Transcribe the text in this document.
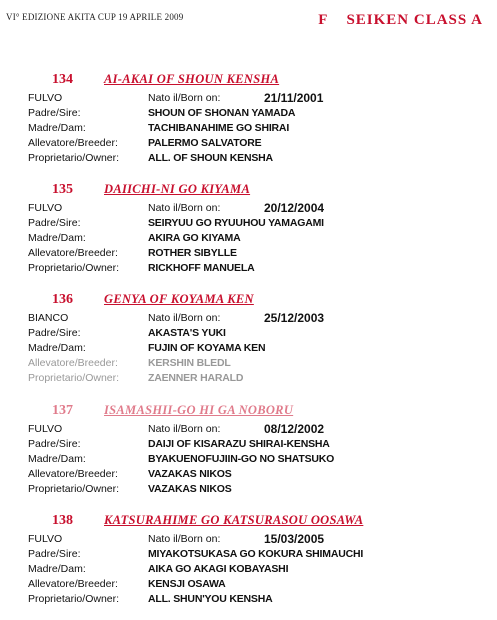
VI° EDIZIONE AKITA CUP 19 APRILE 2009	F SEIKEN CLASS A
134 AI-AKAI OF SHOUN KENSHA
FULVO	Nato il/Born on:	21/11/2001
Padre/Sire:	SHOUN OF SHONAN YAMADA
Madre/Dam:	TACHIBANAHIME GO SHIRAI
Allevatore/Breeder:	PALERMO SALVATORE
Proprietario/Owner:	ALL. OF SHOUN KENSHA
135 DAIICHI-NI GO KIYAMA
FULVO	Nato il/Born on:	20/12/2004
Padre/Sire:	SEIRYUU GO RYUUHOU YAMAGAMI
Madre/Dam:	AKIRA GO KIYAMA
Allevatore/Breeder:	ROTHER SIBYLLE
Proprietario/Owner:	RICKHOFF MANUELA
136 GENYA OF KOYAMA KEN
BIANCO	Nato il/Born on:	25/12/2003
Padre/Sire:	AKASTA'S YUKI
Madre/Dam:	FUJIN OF KOYAMA KEN
Allevatore/Breeder:	KERSHIN BLEDL
Proprietario/Owner:	ZAENNER HARALD
137 ISAMASHII-GO HI GA NOBORU
FULVO	Nato il/Born on:	08/12/2002
Padre/Sire:	DAIJI OF KISARAZU SHIRAI-KENSHA
Madre/Dam:	BYAKUENOFUJIIN-GO NO SHATSUKO
Allevatore/Breeder:	VAZAKAS NIKOS
Proprietario/Owner:	VAZAKAS NIKOS
138 KATSURAHIME GO KATSURASOU OOSAWA
FULVO	Nato il/Born on:	15/03/2005
Padre/Sire:	MIYAKOTSUKASA GO KOKURA SHIMAUCHI
Madre/Dam:	AIKA GO AKAGI KOBAYASHI
Allevatore/Breeder:	KENSJI OSAWA
Proprietario/Owner:	ALL. SHUN'YOU KENSHA
